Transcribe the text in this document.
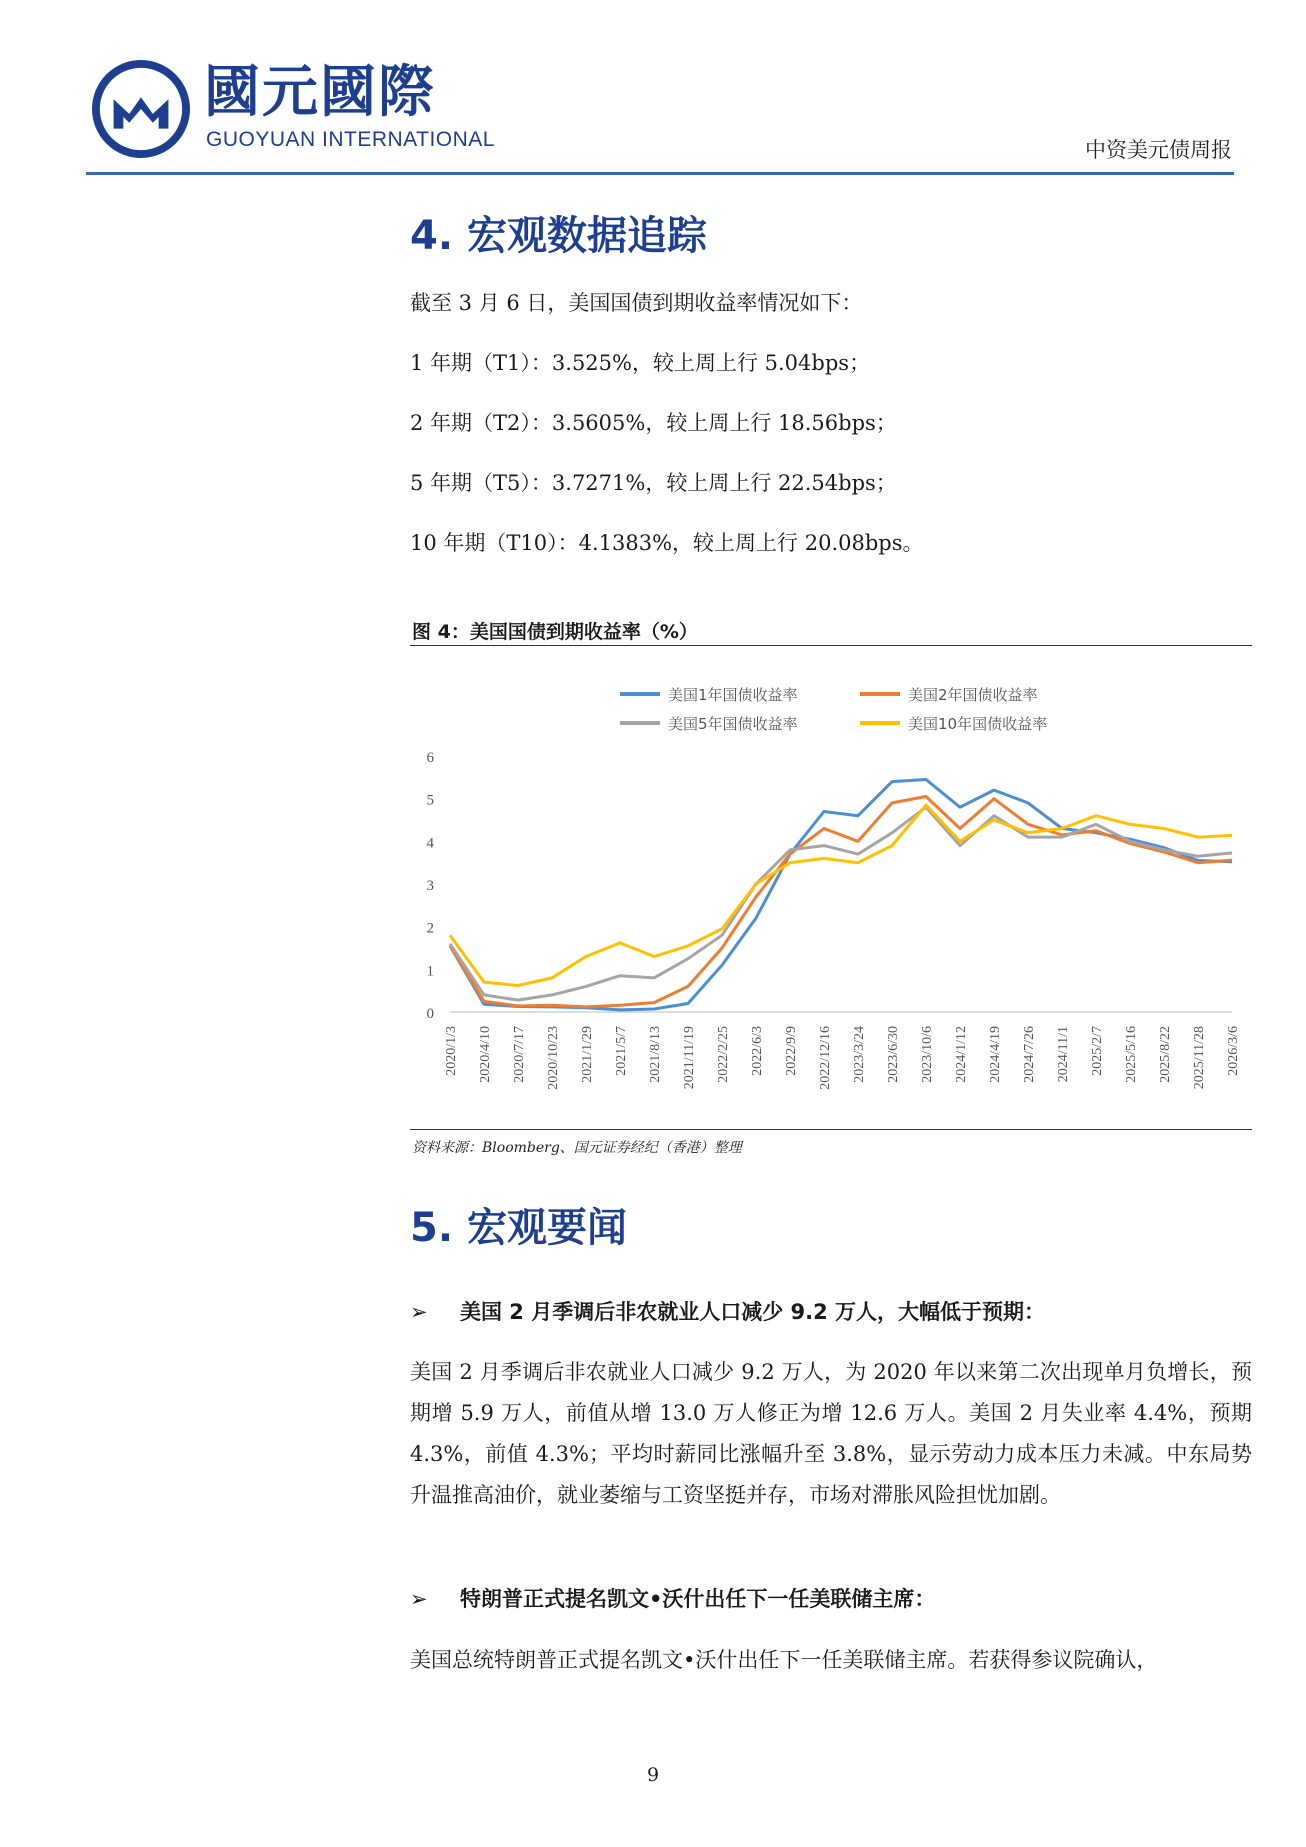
國元國際
GUOYUAN INTERNATIONAL	中资美元债周报
4. 宏观数据追踪
截至 3 月 6 日，美国国债到期收益率情况如下：
1 年期（T1）：3.525%，较上周上行 5.04bps；
2 年期（T2）：3.5605%，较上周上行 18.56bps；
5 年期（T5）：3.7271%，较上周上行 22.54bps；
10 年期（T10）：4.1383%，较上周上行 20.08bps。
图 4：美国国债到期收益率（%）
美国1年国债收益率	美国2年国债收益率
美国5年国债收益率	美国10年国债收益率
0
1
2
3
4
5
6
2020/1/3 2020/4/10 2020/7/17 2020/10/23 2021/1/29 2021/5/7 2021/8/13 2021/11/19 2022/2/25 2022/6/3 2022/9/9 2022/12/16 2023/3/24 2023/6/30 2023/10/6 2024/1/12 2024/4/19 2024/7/26 2024/11/1 2025/2/7 2025/5/16 2025/8/22 2025/11/28 2026/3/6
资料来源：Bloomberg、国元证券经纪（香港）整理
5. 宏观要闻
➢ 美国 2 月季调后非农就业人口减少 9.2 万人，大幅低于预期：
美国 2 月季调后非农就业人口减少 9.2 万人，为 2020 年以来第二次出现单月负增长，预期增 5.9 万人，前值从增 13.0 万人修正为增 12.6 万人。美国 2 月失业率 4.4%，预期 4.3%，前值 4.3%；平均时薪同比涨幅升至 3.8%，显示劳动力成本压力未减。中东局势升温推高油价，就业萎缩与工资坚挺并存，市场对滞胀风险担忧加剧。
➢ 特朗普正式提名凯文•沃什出任下一任美联储主席：
美国总统特朗普正式提名凯文•沃什出任下一任美联储主席。若获得参议院确认，
9
